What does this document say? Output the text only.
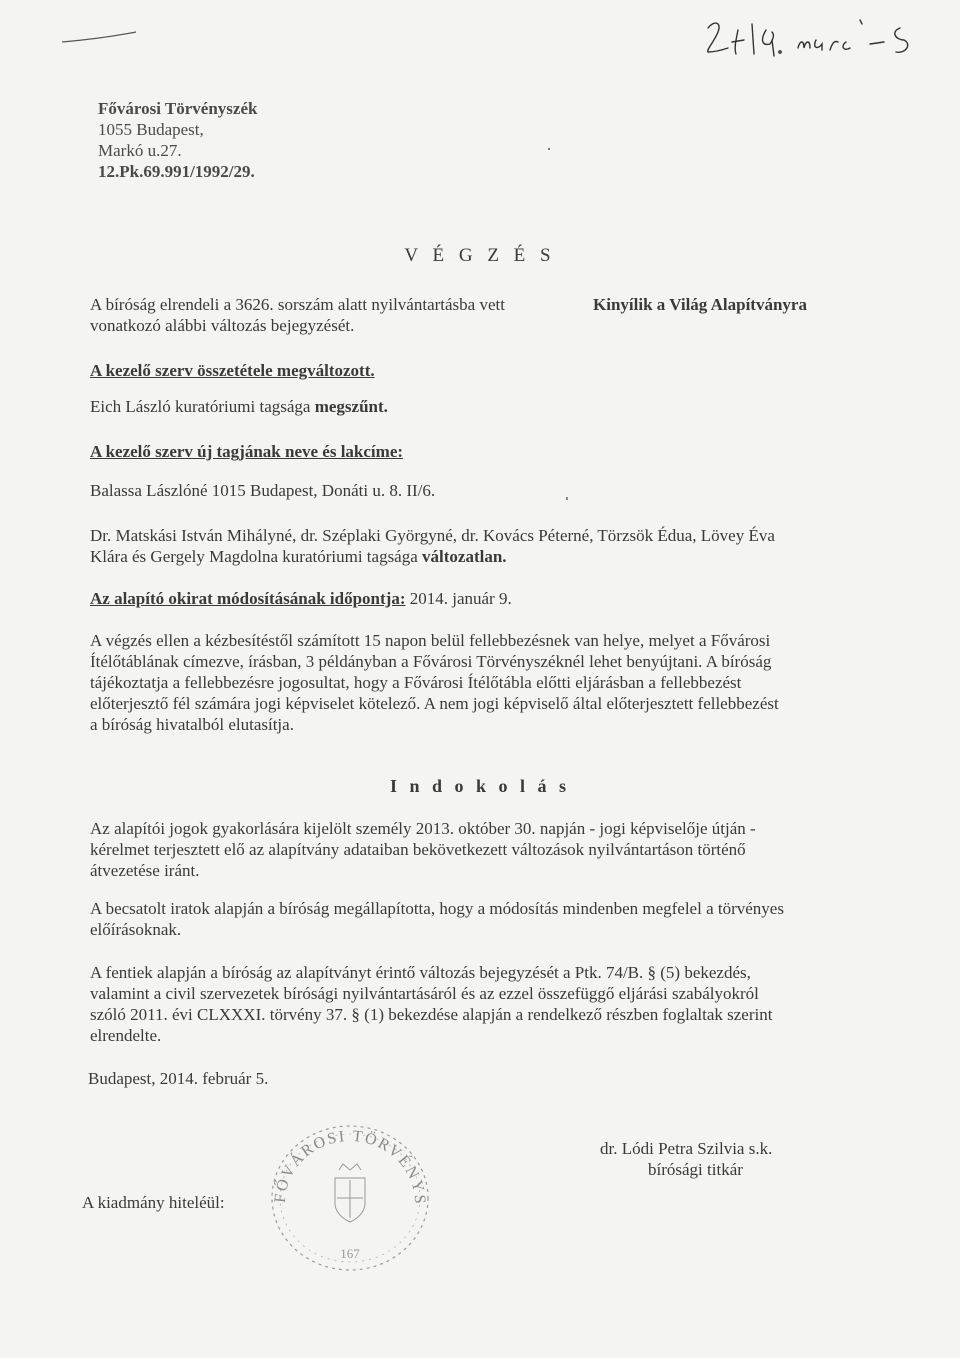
Fővárosi Törvényszék
1055 Budapest,
Markó u.27.
12.Pk.69.991/1992/29.
V É G Z É S
A bíróság elrendeli a 3626. sorszám alatt nyilvántartásba vett	Kinyílik a Világ Alapítványra
vonatkozó alábbi változás bejegyzését.
A kezelő szerv összetétele megváltozott.
Eich László kuratóriumi tagsága megszűnt.
A kezelő szerv új tagjának neve és lakcíme:
Balassa Lászlóné 1015 Budapest, Donáti u. 8. II/6.
Dr. Matskási István Mihályné, dr. Széplaki Györgyné, dr. Kovács Péterné, Törzsök Édua, Lövey Éva
Klára és Gergely Magdolna kuratóriumi tagsága változatlan.
Az alapító okirat módosításának időpontja: 2014. január 9.
A végzés ellen a kézbesítéstől számított 15 napon belül fellebbezésnek van helye, melyet a Fővárosi
Ítélőtáblának címezve, írásban, 3 példányban a Fővárosi Törvényszéknél lehet benyújtani. A bíróság
tájékoztatja a fellebbezésre jogosultat, hogy a Fővárosi Ítélőtábla előtti eljárásban a fellebbezést
előterjesztő fél számára jogi képviselet kötelező. A nem jogi képviselő által előterjesztett fellebbezést
a bíróság hivatalból elutasítja.
I n d o k o l á s
Az alapítói jogok gyakorlására kijelölt személy 2013. október 30. napján - jogi képviselője útján -
kérelmet terjesztett elő az alapítvány adataiban bekövetkezett változások nyilvántartáson történő
átvezetése iránt.
A becsatolt iratok alapján a bíróság megállapította, hogy a módosítás mindenben megfelel a törvényes
előírásoknak.
A fentiek alapján a bíróság az alapítványt érintő változás bejegyzését a Ptk. 74/B. § (5) bekezdés,
valamint a civil szervezetek bírósági nyilvántartásáról és az ezzel összefüggő eljárási szabályokról
szóló 2011. évi CLXXXI. törvény 37. § (1) bekezdése alapján a rendelkező részben foglaltak szerint
elrendelte.
Budapest, 2014. február 5.
dr. Lódi Petra Szilvia s.k.
bírósági titkár
A kiadmány hiteléül:	FŐVÁROSI TÖRVÉNYSZÉK
167
